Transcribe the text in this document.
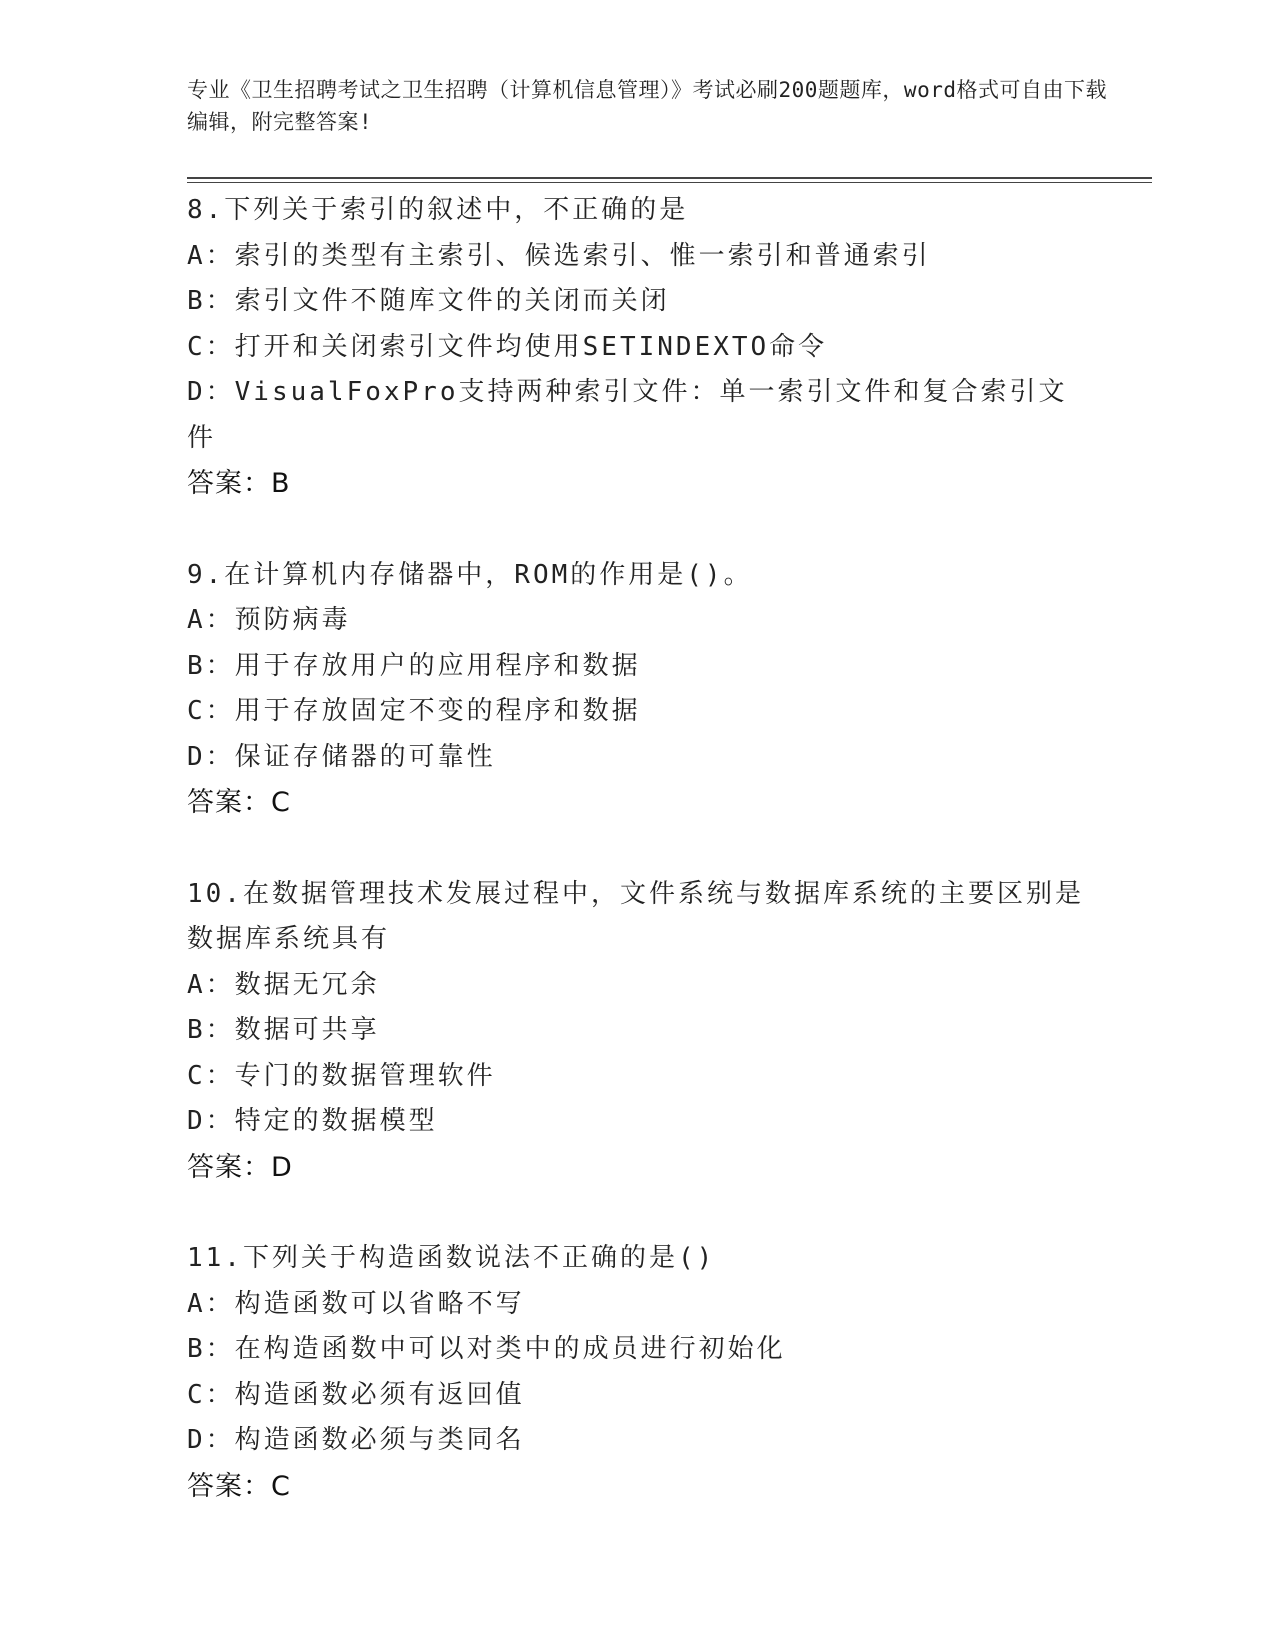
专业《卫生招聘考试之卫生招聘（计算机信息管理）》考试必刷200题题库，word格式可自由下载编辑，附完整答案!
8.下列关于索引的叙述中，不正确的是
A：索引的类型有主索引、候选索引、惟一索引和普通索引
B：索引文件不随库文件的关闭而关闭
C：打开和关闭索引文件均使用SETINDEXTO命令
D：VisualFoxPro支持两种索引文件：单一索引文件和复合索引文件
答案：B
9.在计算机内存储器中，ROM的作用是()。
A：预防病毒
B：用于存放用户的应用程序和数据
C：用于存放固定不变的程序和数据
D：保证存储器的可靠性
答案：C
10.在数据管理技术发展过程中，文件系统与数据库系统的主要区别是数据库系统具有
A：数据无冗余
B：数据可共享
C：专门的数据管理软件
D：特定的数据模型
答案：D
11.下列关于构造函数说法不正确的是()
A：构造函数可以省略不写
B：在构造函数中可以对类中的成员进行初始化
C：构造函数必须有返回值
D：构造函数必须与类同名
答案：C
